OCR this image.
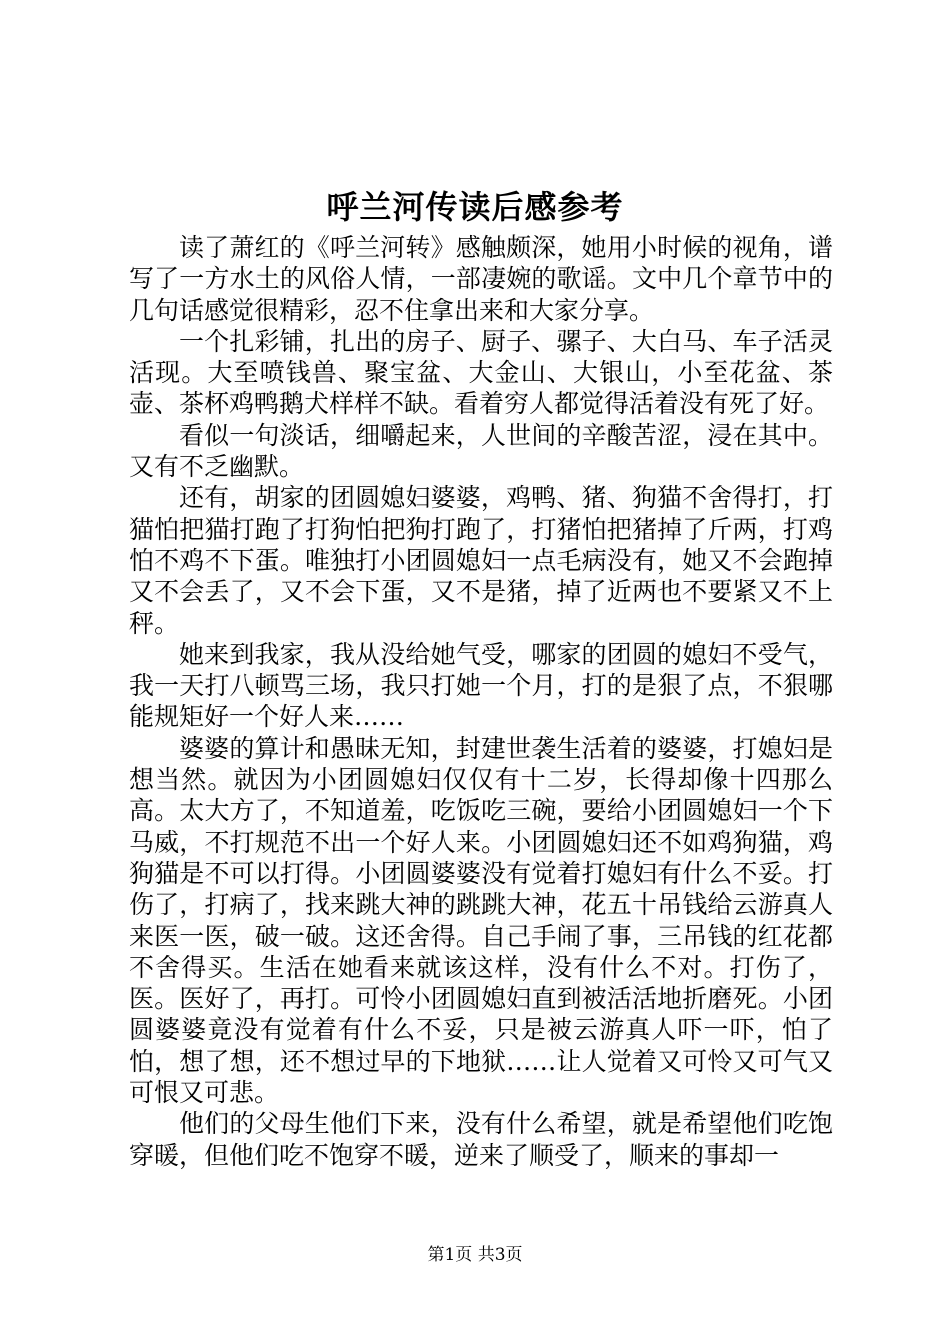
呼兰河传读后感参考

读了萧红的《呼兰河转》感触颇深，她用小时候的视角，谱写了一方水土的风俗人情，一部凄婉的歌谣。文中几个章节中的几句话感觉很精彩，忍不住拿出来和大家分享。

一个扎彩铺，扎出的房子、厨子、骡子、大白马、车子活灵活现。大至喷钱兽、聚宝盆、大金山、大银山，小至花盆、茶壶、茶杯鸡鸭鹅犬样样不缺。看着穷人都觉得活着没有死了好。

看似一句淡话，细嚼起来，人世间的辛酸苦涩，浸在其中。又有不乏幽默。

还有，胡家的团圆媳妇婆婆，鸡鸭、猪、狗猫不舍得打，打猫怕把猫打跑了打狗怕把狗打跑了，打猪怕把猪掉了斤两，打鸡怕不鸡不下蛋。唯独打小团圆媳妇一点毛病没有，她又不会跑掉又不会丢了，又不会下蛋，又不是猪，掉了近两也不要紧又不上秤。

她来到我家，我从没给她气受，哪家的团圆的媳妇不受气，我一天打八顿骂三场，我只打她一个月，打的是狠了点，不狠哪能规矩好一个好人来……

婆婆的算计和愚昧无知，封建世袭生活着的婆婆，打媳妇是想当然。就因为小团圆媳妇仅仅有十二岁，长得却像十四那么高。太大方了，不知道羞，吃饭吃三碗，要给小团圆媳妇一个下马威，不打规范不出一个好人来。小团圆媳妇还不如鸡狗猫，鸡狗猫是不可以打得。小团圆婆婆没有觉着打媳妇有什么不妥。打伤了，打病了，找来跳大神的跳跳大神，花五十吊钱给云游真人来医一医，破一破。这还舍得。自己手闹了事，三吊钱的红花都不舍得买。生活在她看来就该这样，没有什么不对。打伤了，医。医好了，再打。可怜小团圆媳妇直到被活活地折磨死。小团圆婆婆竟没有觉着有什么不妥，只是被云游真人吓一吓，怕了怕，想了想，还不想过早的下地狱……让人觉着又可怜又可气又可恨又可悲。

他们的父母生他们下来，没有什么希望，就是希望他们吃饱穿暖，但他们吃不饱穿不暖，逆来了顺受了，顺来的事却一

第1页 共3页
